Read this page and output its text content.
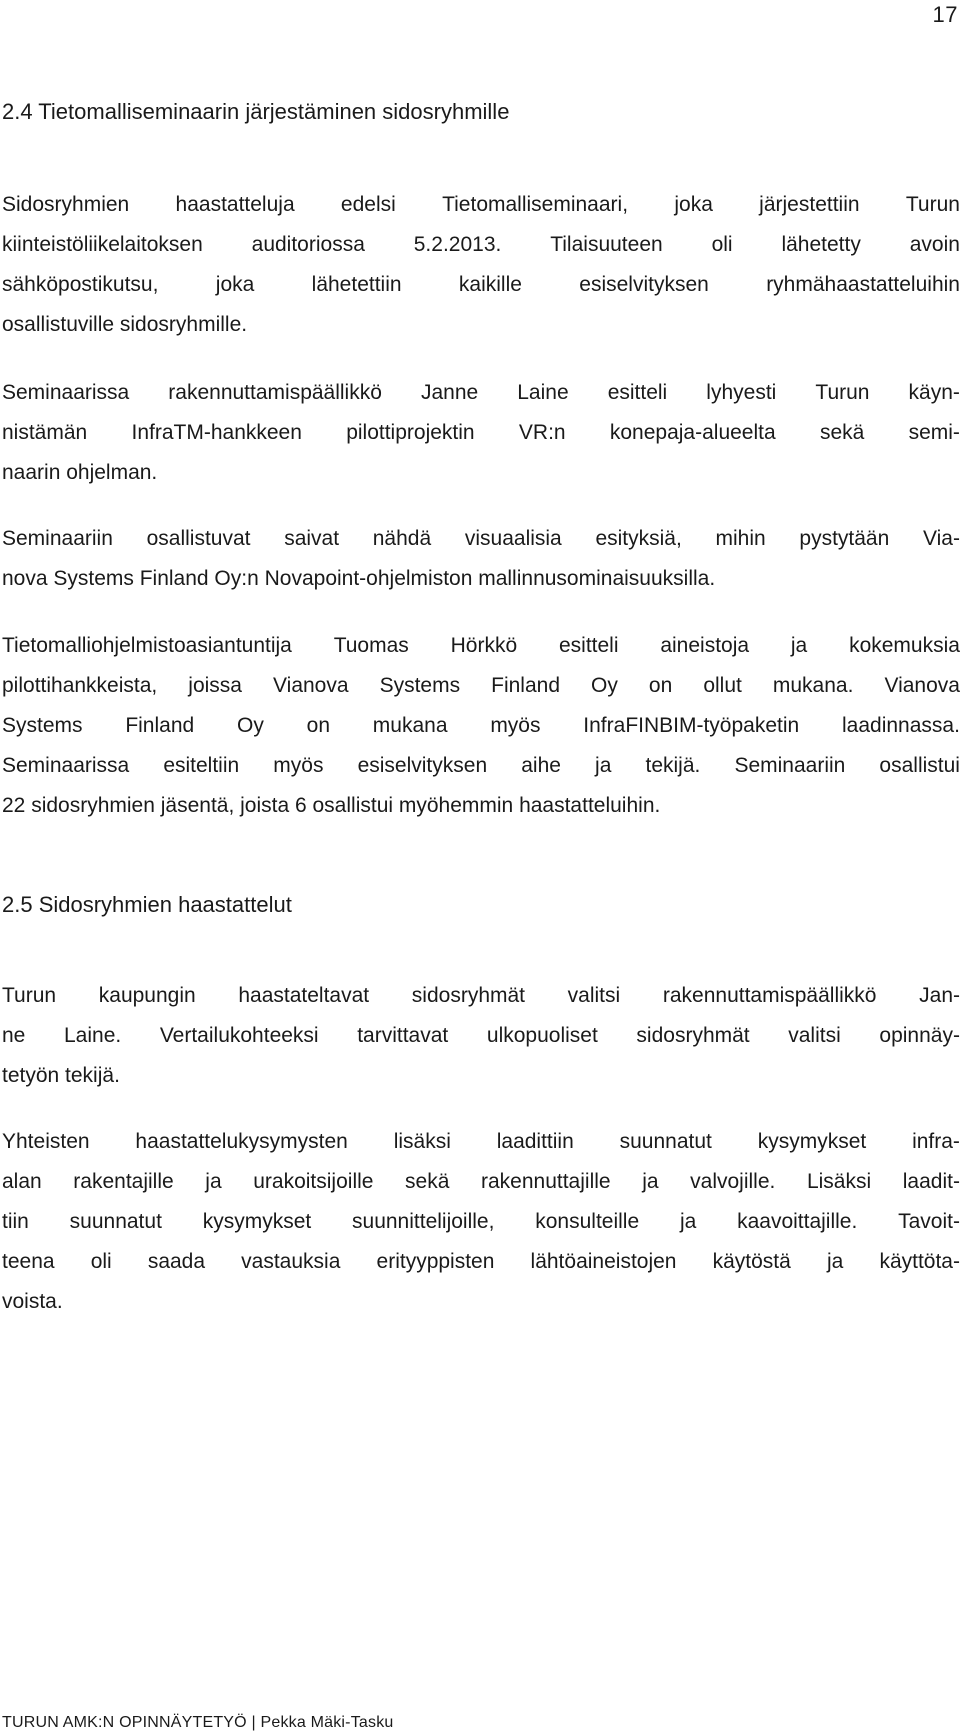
17
2.4 Tietomalliseminaarin järjestäminen sidosryhmille
Sidosryhmien haastatteluja edelsi Tietomalliseminaari, joka järjestettiin Turun
kiinteistöliikelaitoksen auditoriossa 5.2.2013. Tilaisuuteen oli lähetetty avoin
sähköpostikutsu,	joka	lähetettiin	kaikille	esiselvityksen	ryhmähaastatteluihin
osallistuville sidosryhmille.
Seminaarissa rakennuttamispäällikkö Janne Laine esitteli lyhyesti Turun käyn-
nistämän InfraTM-hankkeen pilottiprojektin VR:n konepaja-alueelta sekä semi-
naarin ohjelman.
Seminaariin osallistuvat saivat nähdä visuaalisia esityksiä, mihin pystytään Via-
nova Systems Finland Oy:n Novapoint-ohjelmiston mallinnusominaisuuksilla.
Tietomalliohjelmistoasiantuntija Tuomas Hörkkö esitteli aineistoja ja kokemuksia
pilottihankkeista, joissa Vianova Systems Finland Oy on ollut mukana. Vianova
Systems Finland Oy on mukana myös InfraFINBIM-työpaketin laadinnassa.
Seminaarissa esiteltiin myös esiselvityksen aihe ja tekijä. Seminaariin osallistui
22 sidosryhmien jäsentä, joista 6 osallistui myöhemmin haastatteluihin.
2.5 Sidosryhmien haastattelut
Turun kaupungin haastateltavat sidosryhmät valitsi rakennuttamispäällikkö Jan-
ne Laine. Vertailukohteeksi tarvittavat ulkopuoliset sidosryhmät valitsi opinnäy-
tetyön tekijä.
Yhteisten haastattelukysymysten lisäksi laadittiin suunnatut kysymykset infra-
alan rakentajille ja urakoitsijoille sekä rakennuttajille ja valvojille. Lisäksi laadit-
tiin suunnatut kysymykset suunnittelijoille, konsulteille ja kaavoittajille. Tavoit-
teena oli saada vastauksia erityyppisten lähtöaineistojen käytöstä ja käyttöta-
voista.
TURUN AMK:N OPINNÄYTETYÖ | Pekka Mäki-Tasku
